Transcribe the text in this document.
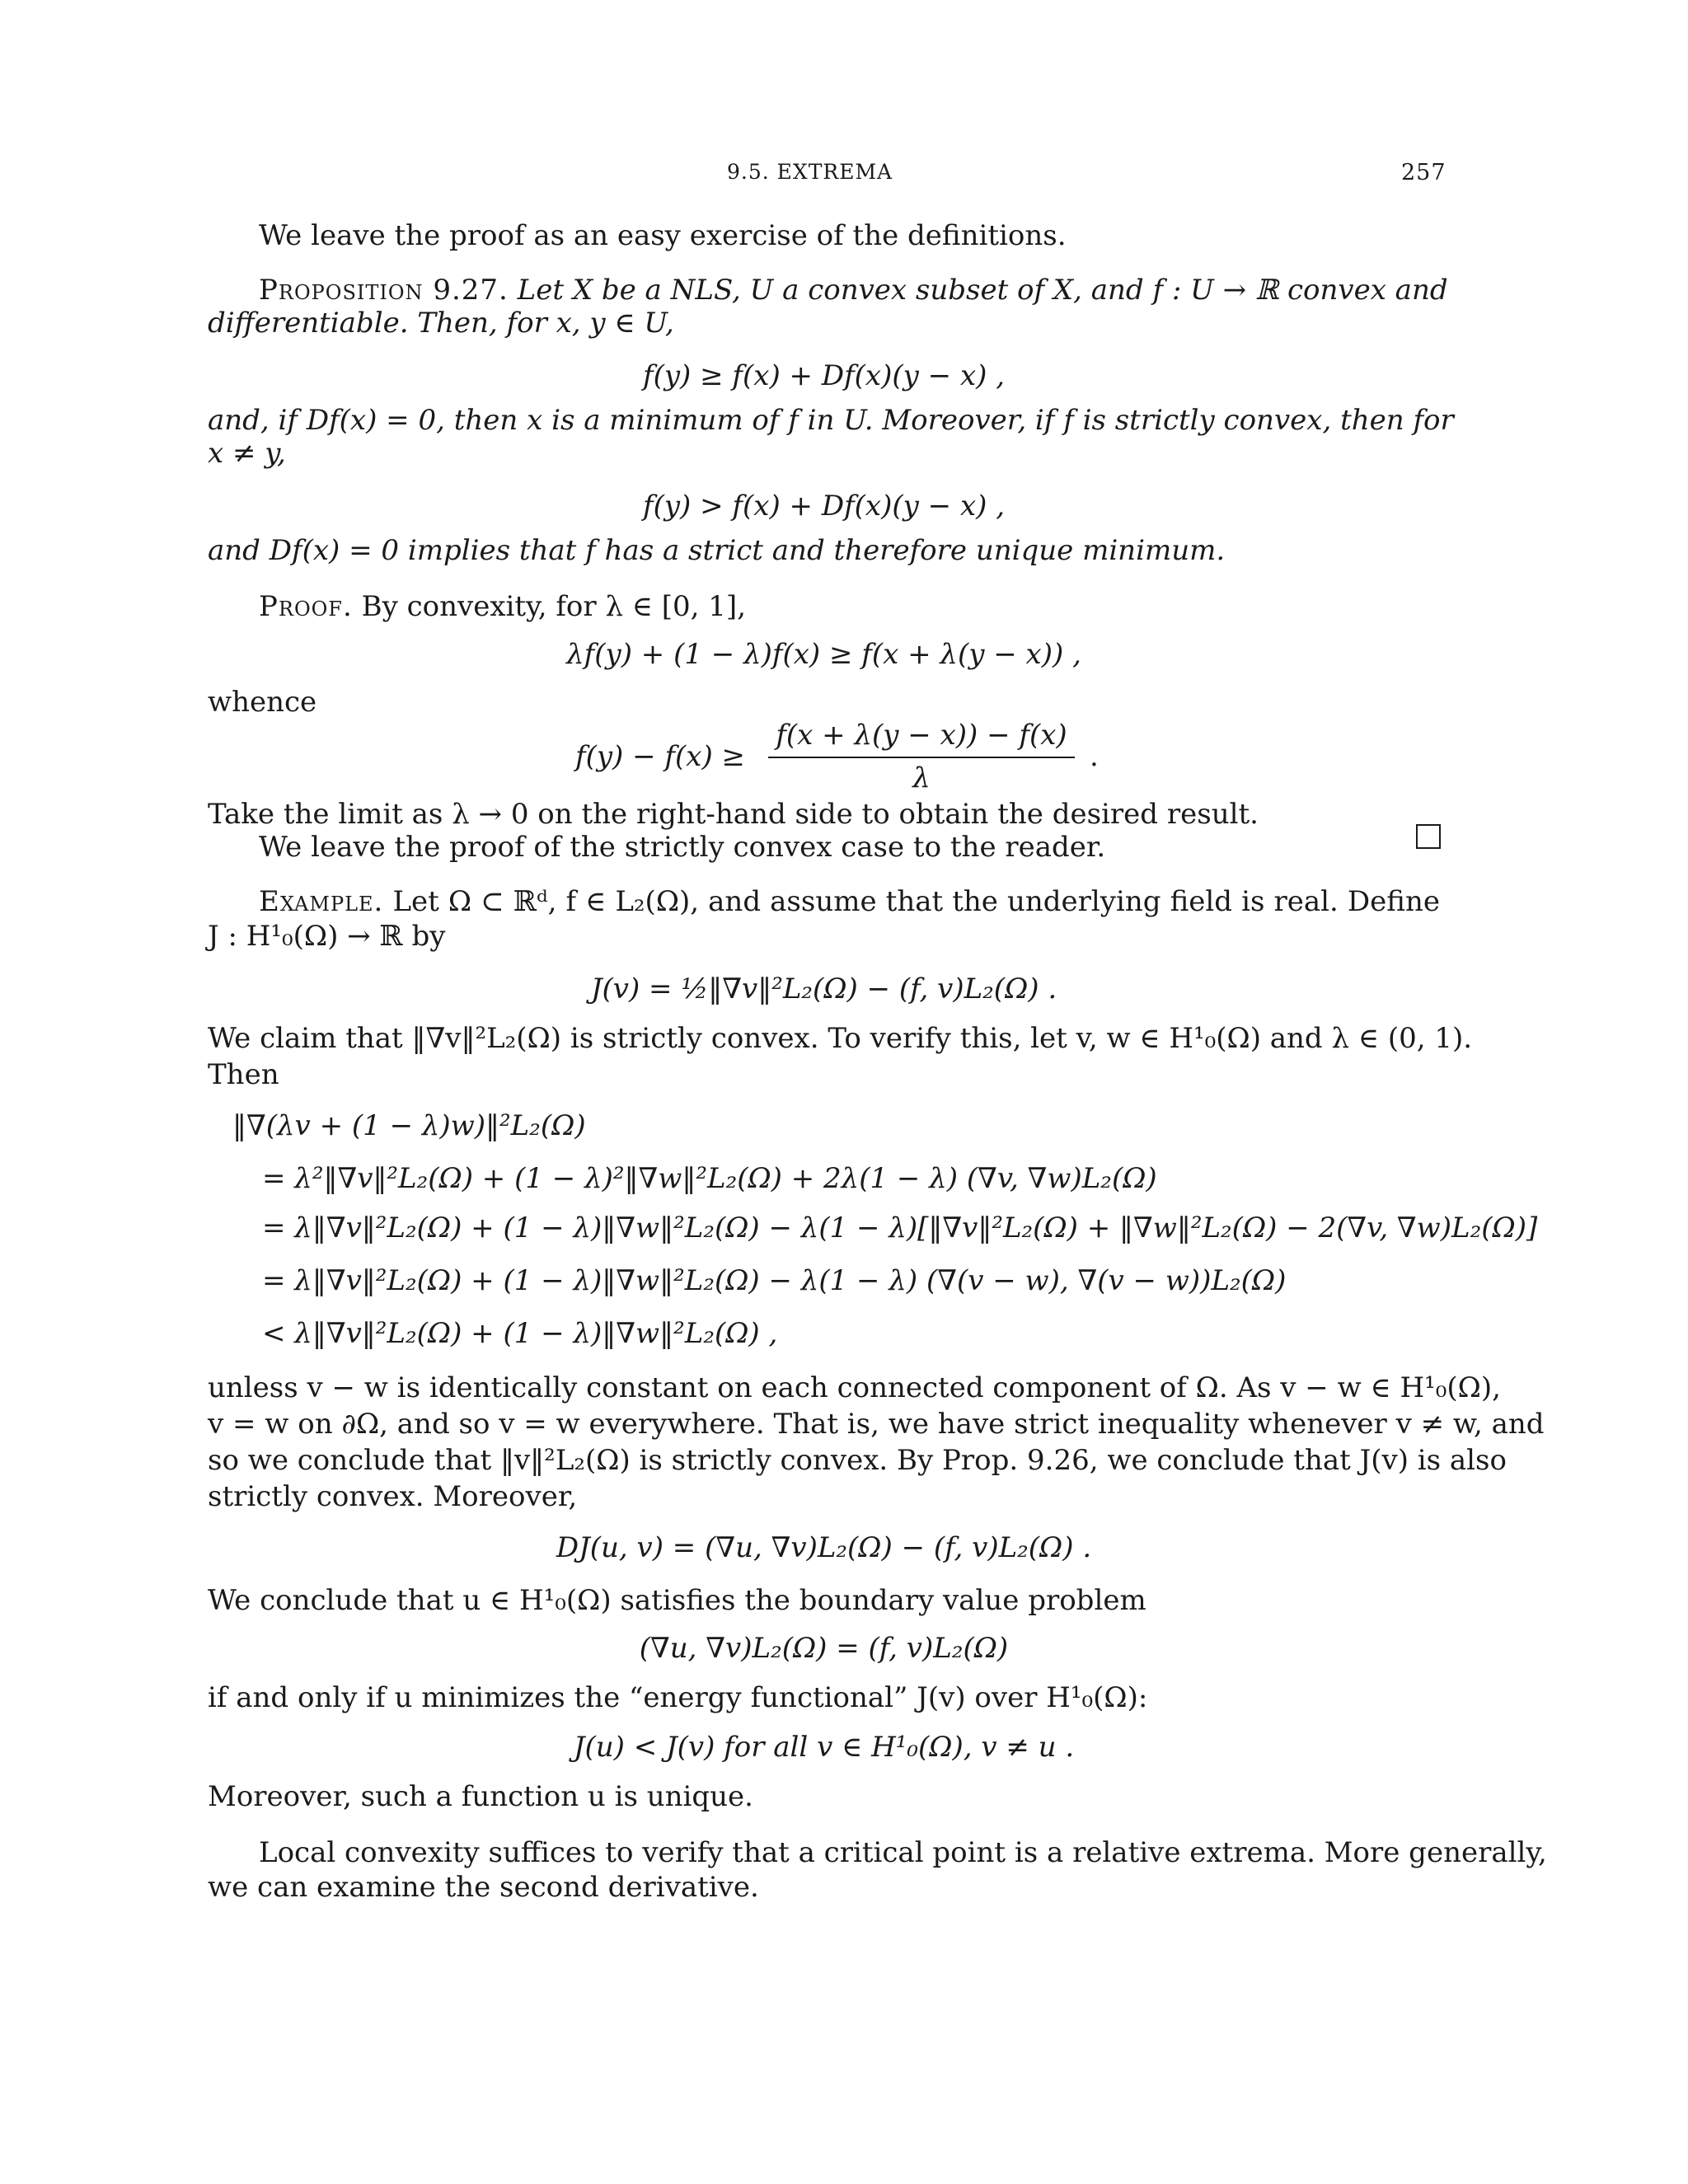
9.5. EXTREMA	257
We leave the proof as an easy exercise of the definitions.
Proposition 9.27. Let X be a NLS, U a convex subset of X, and f : U → ℝ convex and
differentiable. Then, for x, y ∈ U,
f(y) ≥ f(x) + Df(x)(y − x) ,
and, if Df(x) = 0, then x is a minimum of f in U. Moreover, if f is strictly convex, then for
x ≠ y,
f(y) > f(x) + Df(x)(y − x) ,
and Df(x) = 0 implies that f has a strict and therefore unique minimum.
Proof. By convexity, for λ ∈ [0, 1],
λf(y) + (1 − λ)f(x) ≥ f(x + λ(y − x)) ,
whence
f(y) − f(x) ≥
f(x + λ(y − x)) − f(x)
λ
.
Take the limit as λ → 0 on the right-hand side to obtain the desired result.
We leave the proof of the strictly convex case to the reader.
Example. Let Ω ⊂ ℝᵈ, f ∈ L₂(Ω), and assume that the underlying field is real. Define
J : H¹₀(Ω) → ℝ by
J(v) = ½‖∇v‖²L₂(Ω) − (f, v)L₂(Ω) .
We claim that ‖∇v‖²L₂(Ω) is strictly convex. To verify this, let v, w ∈ H¹₀(Ω) and λ ∈ (0, 1).
Then
‖∇(λv + (1 − λ)w)‖²L₂(Ω)
= λ²‖∇v‖²L₂(Ω) + (1 − λ)²‖∇w‖²L₂(Ω) + 2λ(1 − λ) (∇v, ∇w)L₂(Ω)
= λ‖∇v‖²L₂(Ω) + (1 − λ)‖∇w‖²L₂(Ω) − λ(1 − λ)[‖∇v‖²L₂(Ω) + ‖∇w‖²L₂(Ω) − 2(∇v, ∇w)L₂(Ω)]
= λ‖∇v‖²L₂(Ω) + (1 − λ)‖∇w‖²L₂(Ω) − λ(1 − λ) (∇(v − w), ∇(v − w))L₂(Ω)
< λ‖∇v‖²L₂(Ω) + (1 − λ)‖∇w‖²L₂(Ω) ,
unless v − w is identically constant on each connected component of Ω. As v − w ∈ H¹₀(Ω),
v = w on ∂Ω, and so v = w everywhere. That is, we have strict inequality whenever v ≠ w, and
so we conclude that ‖v‖²L₂(Ω) is strictly convex. By Prop. 9.26, we conclude that J(v) is also
strictly convex. Moreover,
DJ(u, v) = (∇u, ∇v)L₂(Ω) − (f, v)L₂(Ω) .
We conclude that u ∈ H¹₀(Ω) satisfies the boundary value problem
(∇u, ∇v)L₂(Ω) = (f, v)L₂(Ω)
if and only if u minimizes the “energy functional” J(v) over H¹₀(Ω):
J(u) < J(v) for all v ∈ H¹₀(Ω), v ≠ u .
Moreover, such a function u is unique.
Local convexity suffices to verify that a critical point is a relative extrema. More generally,
we can examine the second derivative.
